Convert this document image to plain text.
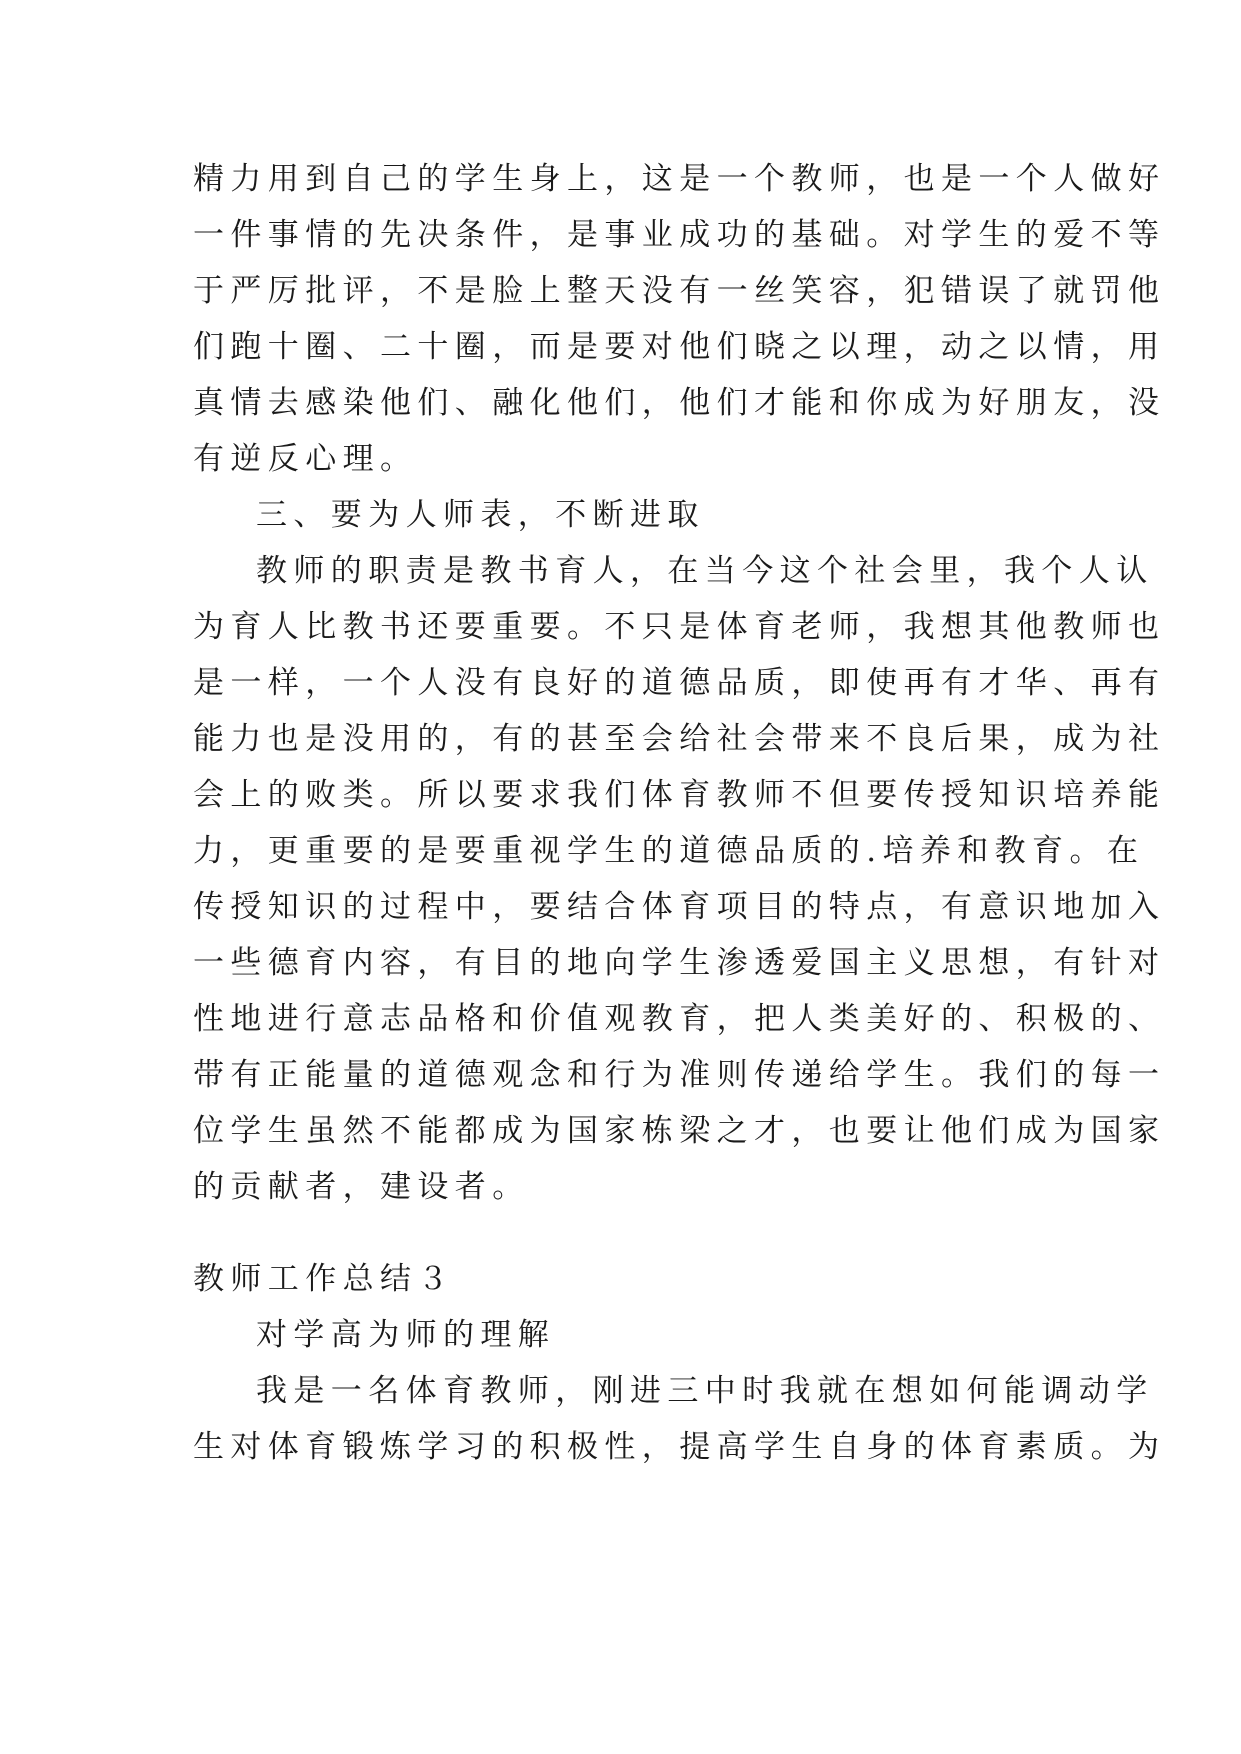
精力用到自己的学生身上，这是一个教师，也是一个人做好
一件事情的先决条件，是事业成功的基础。对学生的爱不等
于严厉批评，不是脸上整天没有一丝笑容，犯错误了就罚他
们跑十圈、二十圈，而是要对他们晓之以理，动之以情，用
真情去感染他们、融化他们，他们才能和你成为好朋友，没
有逆反心理。
三、要为人师表，不断进取
教师的职责是教书育人，在当今这个社会里，我个人认
为育人比教书还要重要。不只是体育老师，我想其他教师也
是一样，一个人没有良好的道德品质，即使再有才华、再有
能力也是没用的，有的甚至会给社会带来不良后果，成为社
会上的败类。所以要求我们体育教师不但要传授知识培养能
力，更重要的是要重视学生的道德品质的.培养和教育。在
传授知识的过程中，要结合体育项目的特点，有意识地加入
一些德育内容，有目的地向学生渗透爱国主义思想，有针对
性地进行意志品格和价值观教育，把人类美好的、积极的、
带有正能量的道德观念和行为准则传递给学生。我们的每一
位学生虽然不能都成为国家栋梁之才，也要让他们成为国家
的贡献者，建设者。
教师工作总结３
对学高为师的理解
我是一名体育教师，刚进三中时我就在想如何能调动学
生对体育锻炼学习的积极性，提高学生自身的体育素质。为
